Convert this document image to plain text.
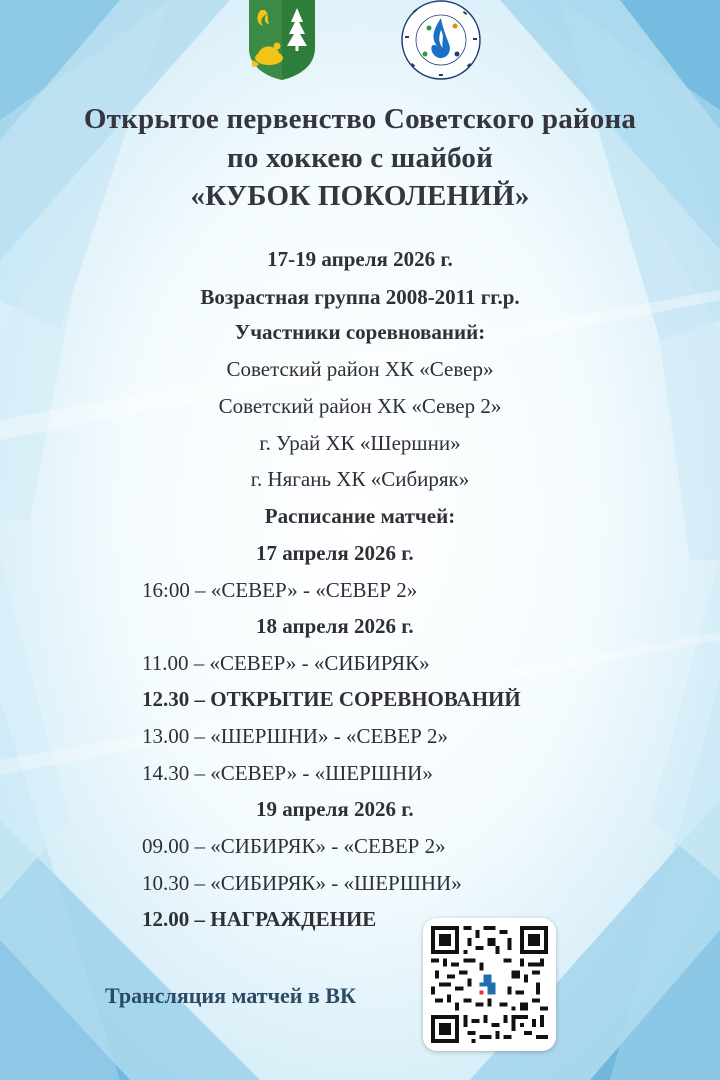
Открытое первенство Советского района
по хоккею с шайбой
«КУБОК ПОКОЛЕНИЙ»
17-19 апреля 2026 г.
Возрастная группа 2008-2011 гг.р.
Участники соревнований:
Советский район ХК «Север»
Советский район ХК «Север 2»
г. Урай ХК «Шершни»
г. Нягань ХК «Сибиряк»
Расписание матчей:
17 апреля 2026 г.
16:00 – «СЕВЕР» - «СЕВЕР 2»
18 апреля 2026 г.
11.00 – «СЕВЕР» - «СИБИРЯК»
12.30 – ОТКРЫТИЕ СОРЕВНОВАНИЙ
13.00 – «ШЕРШНИ» - «СЕВЕР 2»
14.30 – «СЕВЕР» - «ШЕРШНИ»
19 апреля 2026 г.
09.00 – «СИБИРЯК» - «СЕВЕР 2»
10.30 – «СИБИРЯК» - «ШЕРШНИ»
12.00 – НАГРАЖДЕНИЕ
Трансляция матчей в ВК
